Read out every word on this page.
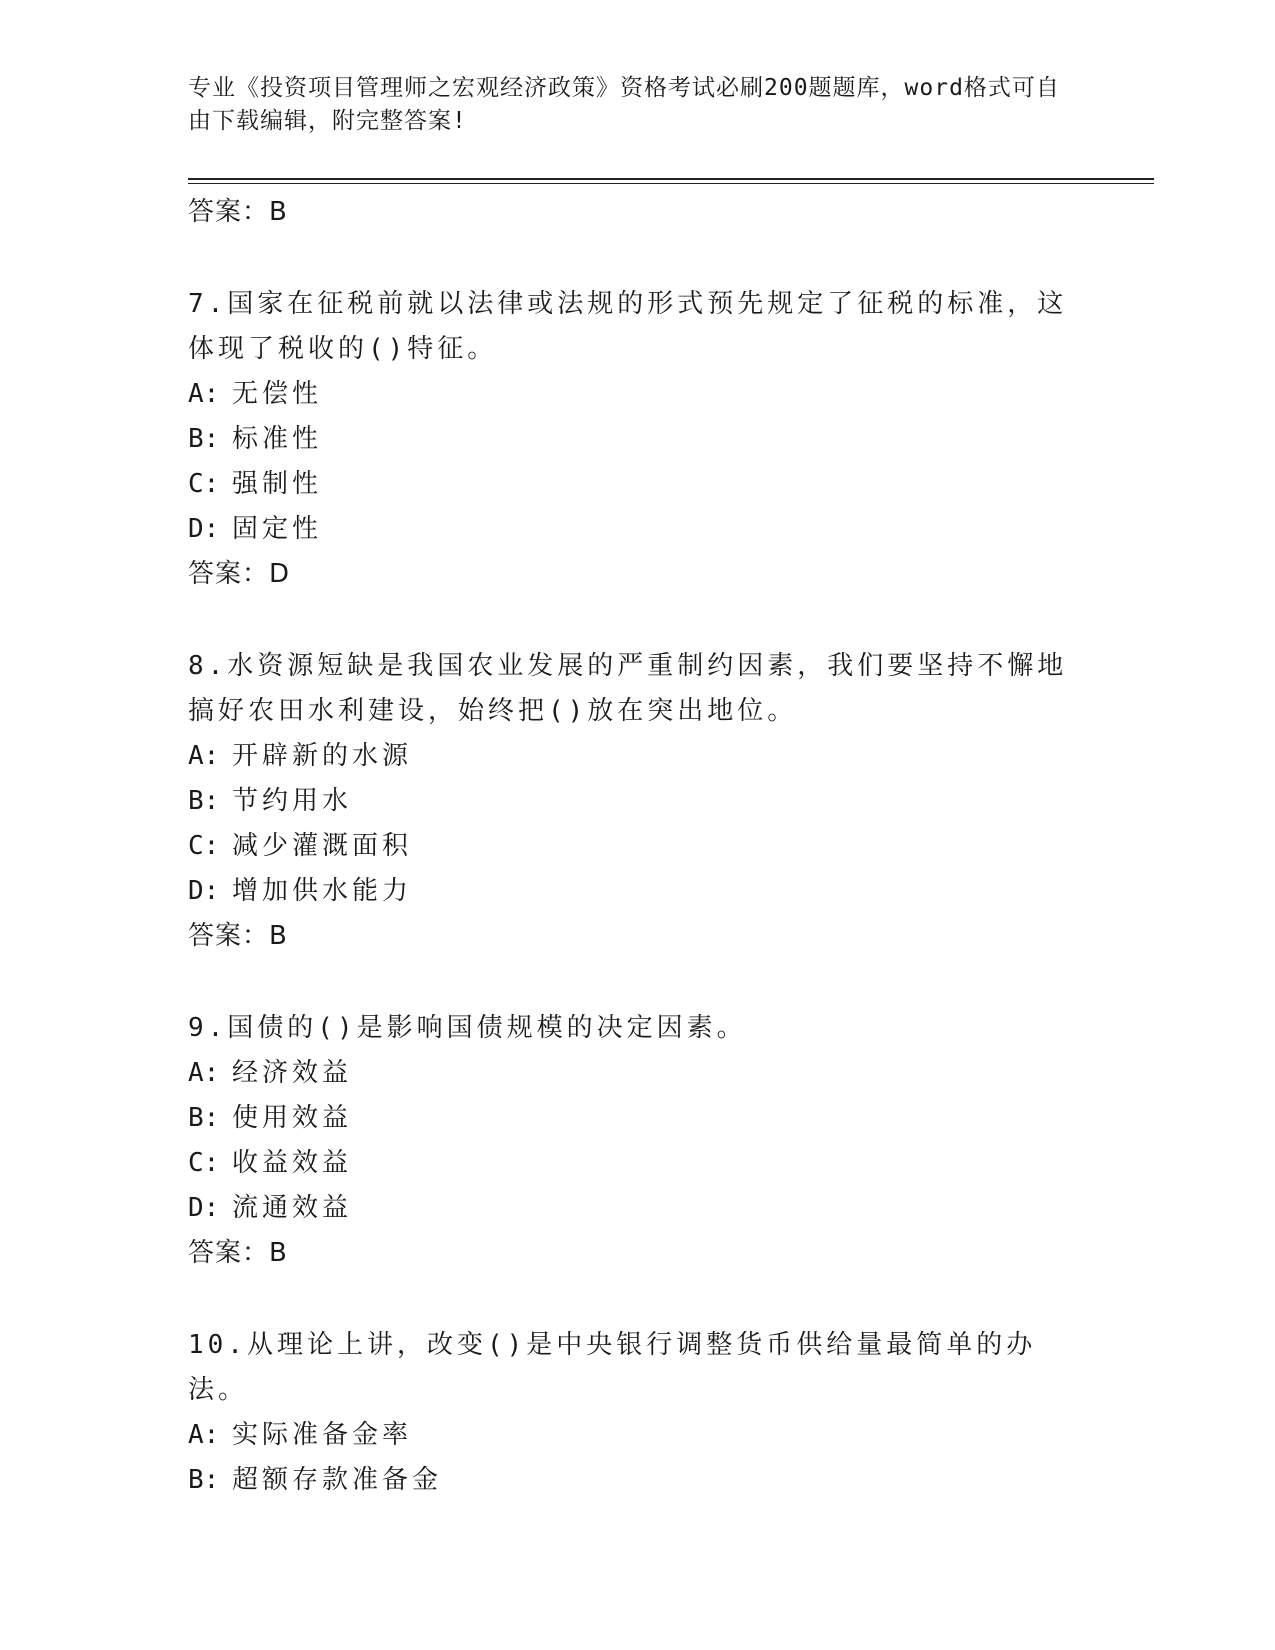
专业《投资项目管理师之宏观经济政策》资格考试必刷200题题库，word格式可自由下载编辑，附完整答案!
答案：B

7.国家在征税前就以法律或法规的形式预先规定了征税的标准，这体现了税收的()特征。

A: 无偿性
B: 标准性
C: 强制性
D: 固定性
答案：D

8.水资源短缺是我国农业发展的严重制约因素，我们要坚持不懈地搞好农田水利建设，始终把()放在突出地位。

A: 开辟新的水源
B: 节约用水
C: 减少灌溉面积
D: 增加供水能力
答案：B

9.国债的()是影响国债规模的决定因素。

A: 经济效益
B: 使用效益
C: 收益效益
D: 流通效益
答案：B

10.从理论上讲，改变()是中央银行调整货币供给量最简单的办法。

A: 实际准备金率
B: 超额存款准备金
